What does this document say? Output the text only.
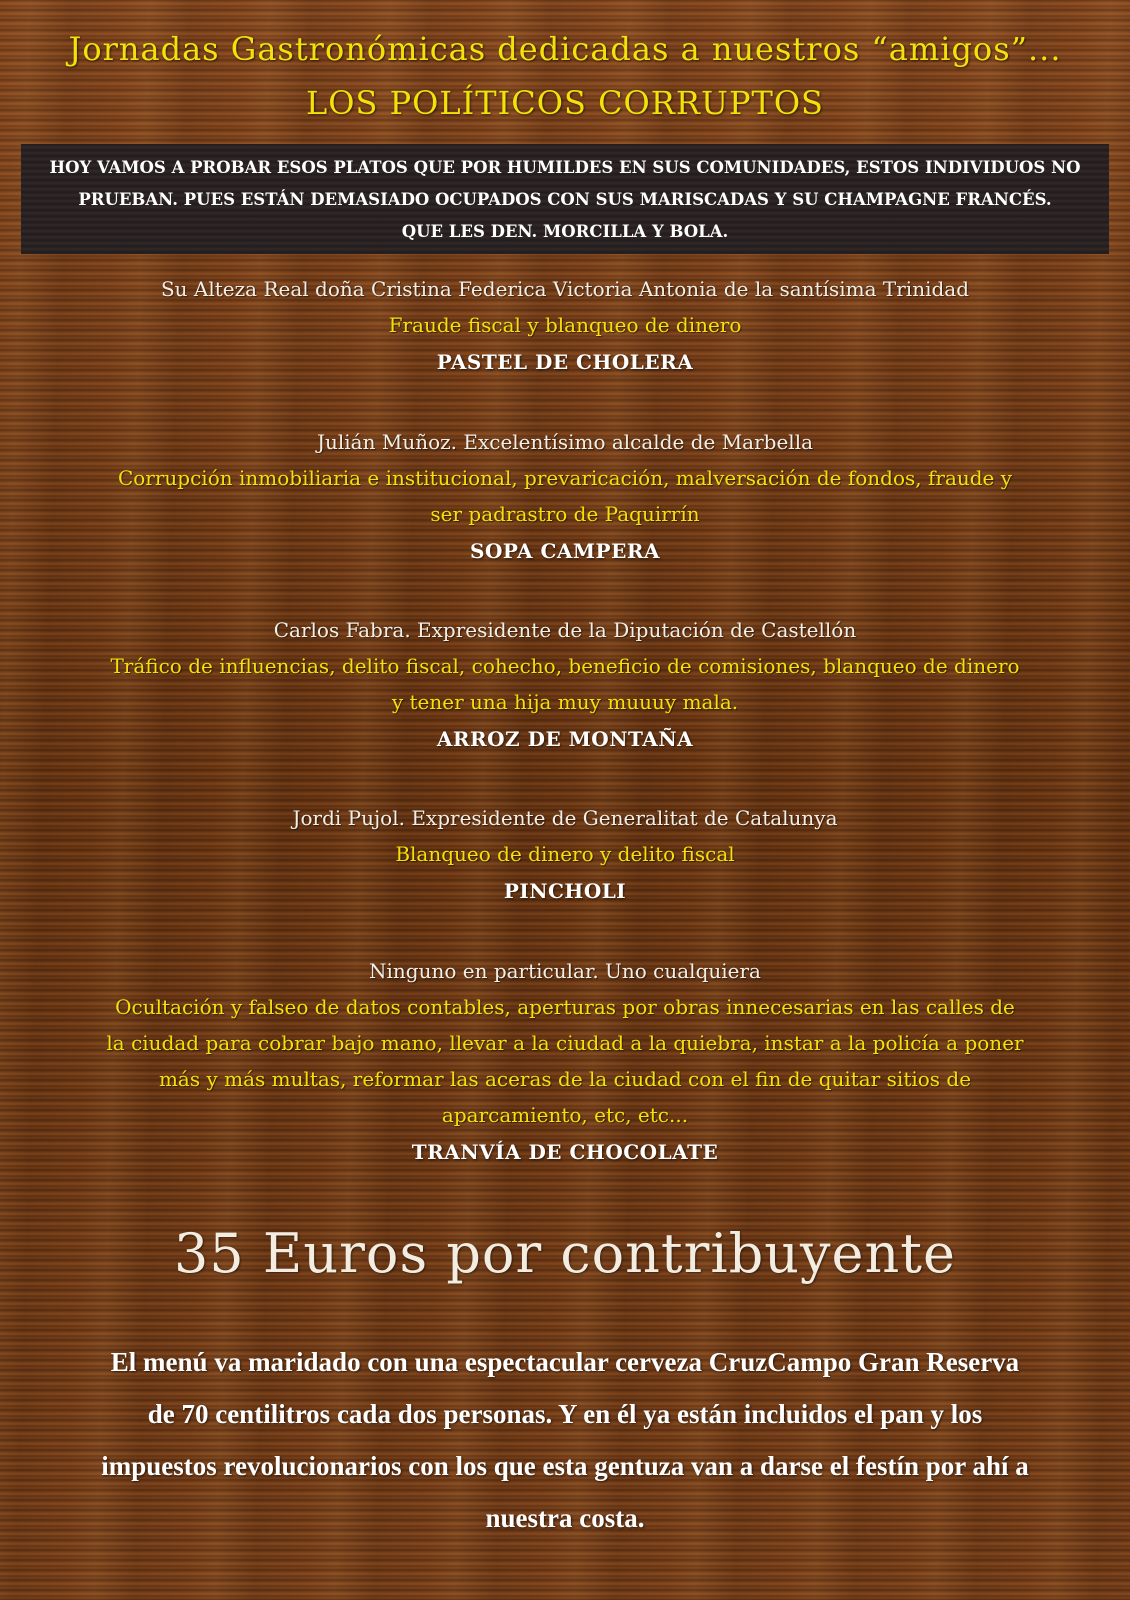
Jornadas Gastronómicas dedicadas a nuestros “amigos”...
LOS POLÍTICOS CORRUPTOS
HOY VAMOS A PROBAR ESOS PLATOS QUE POR HUMILDES EN SUS COMUNIDADES, ESTOS INDIVIDUOS NO
PRUEBAN. PUES ESTÁN DEMASIADO OCUPADOS CON SUS MARISCADAS Y SU CHAMPAGNE FRANCÉS.
QUE LES DEN. MORCILLA Y BOLA.
Su Alteza Real doña Cristina Federica Victoria Antonia de la santísima Trinidad
Fraude fiscal y blanqueo de dinero
PASTEL DE CHOLERA
Julián Muñoz. Excelentísimo alcalde de Marbella
Corrupción inmobiliaria e institucional, prevaricación, malversación de fondos, fraude y
ser padrastro de Paquirrín
SOPA CAMPERA
Carlos Fabra. Expresidente de la Diputación de Castellón
Tráfico de influencias, delito fiscal, cohecho, beneficio de comisiones, blanqueo de dinero
y tener una hija muy muuuy mala.
ARROZ DE MONTAÑA
Jordi Pujol. Expresidente de Generalitat de Catalunya
Blanqueo de dinero y delito fiscal
PINCHOLI
Ninguno en particular. Uno cualquiera
Ocultación y falseo de datos contables, aperturas por obras innecesarias en las calles de
la ciudad para cobrar bajo mano, llevar a la ciudad a la quiebra, instar a la policía a poner
más y más multas, reformar las aceras de la ciudad con el fin de quitar sitios de
aparcamiento, etc, etc...
TRANVÍA DE CHOCOLATE
35 Euros por contribuyente
El menú va maridado con una espectacular cerveza CruzCampo Gran Reserva
de 70 centilitros cada dos personas. Y en él ya están incluidos el pan y los
impuestos revolucionarios con los que esta gentuza van a darse el festín por ahí a
nuestra costa.
